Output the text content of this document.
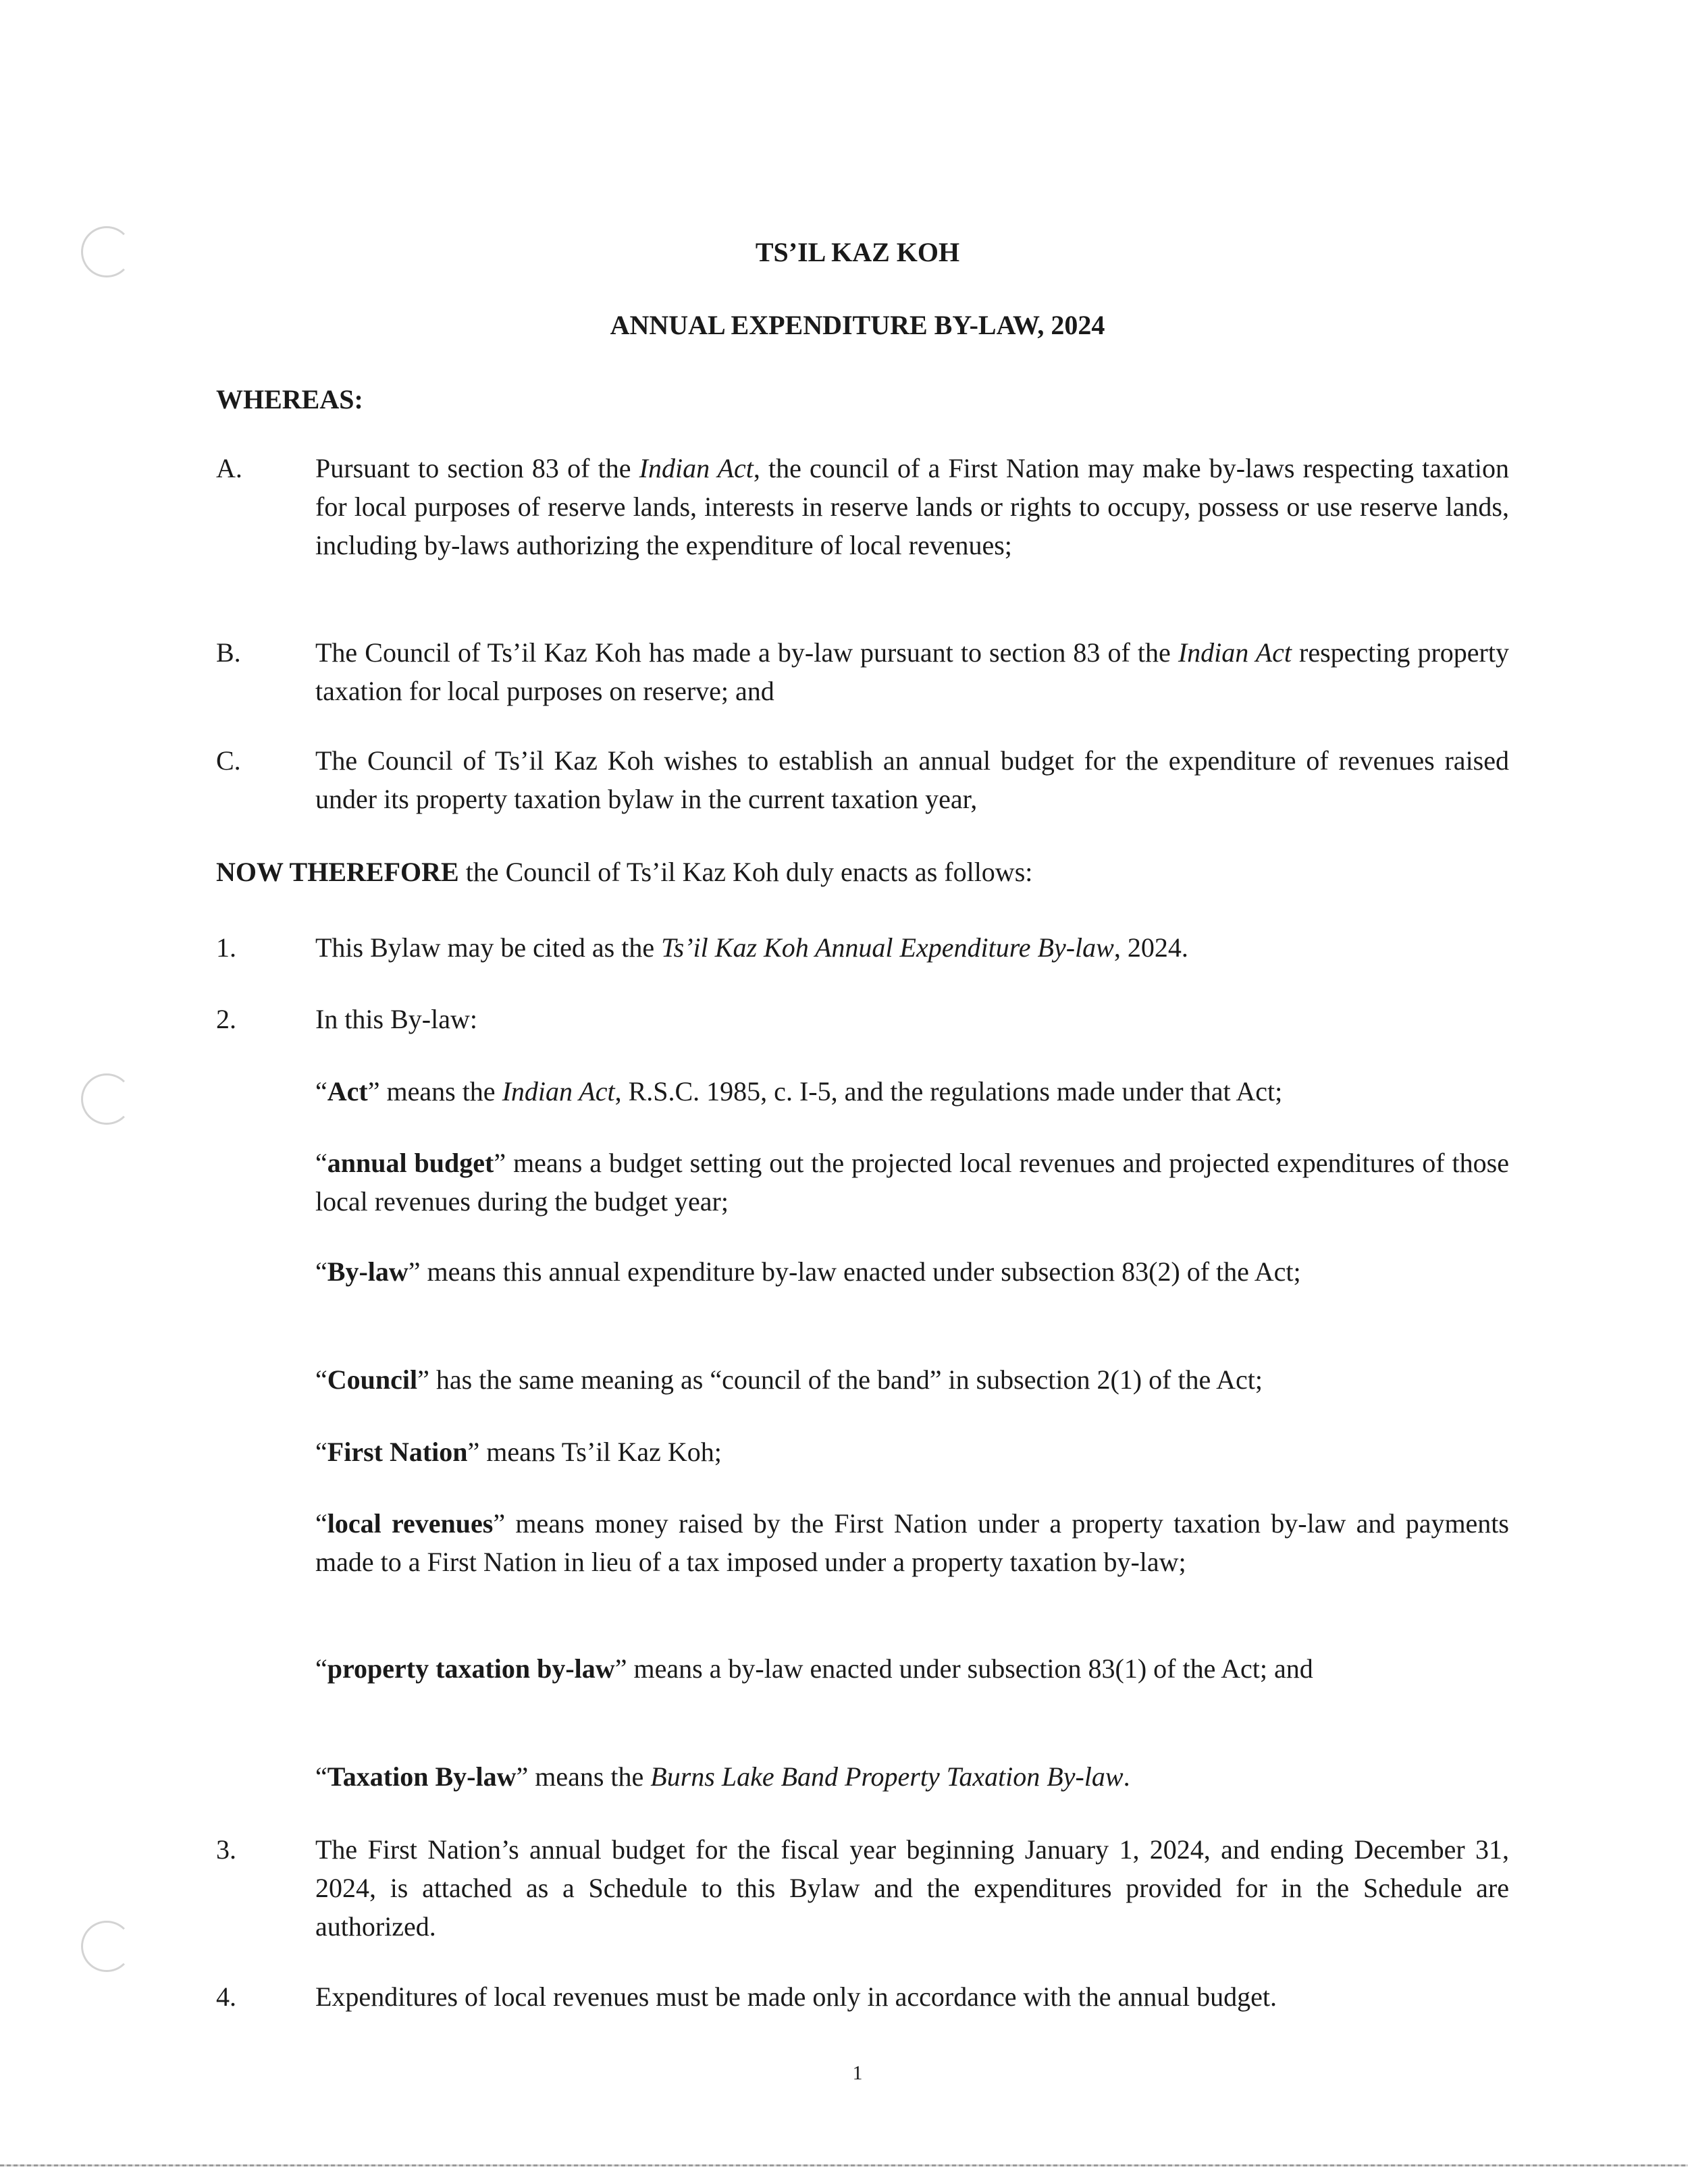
TS’IL KAZ KOH
ANNUAL EXPENDITURE BY-LAW, 2024
WHEREAS:
A.	Pursuant to section 83 of the Indian Act, the council of a First Nation may make by-laws respecting taxation for local purposes of reserve lands, interests in reserve lands or rights to occupy, possess or use reserve lands, including by-laws authorizing the expenditure of local revenues;
B.	The Council of Ts’il Kaz Koh has made a by-law pursuant to section 83 of the Indian Act respecting property taxation for local purposes on reserve; and
C.	The Council of Ts’il Kaz Koh wishes to establish an annual budget for the expenditure of revenues raised under its property taxation bylaw in the current taxation year,
NOW THEREFORE the Council of Ts’il Kaz Koh duly enacts as follows:
1.	This Bylaw may be cited as the Ts’il Kaz Koh Annual Expenditure By-law, 2024.
2.	In this By-law:
“Act” means the Indian Act, R.S.C. 1985, c. I-5, and the regulations made under that Act;
“annual budget” means a budget setting out the projected local revenues and projected expenditures of those local revenues during the budget year;
“By-law” means this annual expenditure by-law enacted under subsection 83(2) of the Act;
“Council” has the same meaning as “council of the band” in subsection 2(1) of the Act;
“First Nation” means Ts’il Kaz Koh;
“local revenues” means money raised by the First Nation under a property taxation by-law and payments made to a First Nation in lieu of a tax imposed under a property taxation by-law;
“property taxation by-law” means a by-law enacted under subsection 83(1) of the Act; and
“Taxation By-law” means the Burns Lake Band Property Taxation By-law.
3.	The First Nation’s annual budget for the fiscal year beginning January 1, 2024, and ending December 31, 2024, is attached as a Schedule to this Bylaw and the expenditures provided for in the Schedule are authorized.
4.	Expenditures of local revenues must be made only in accordance with the annual budget.
1
